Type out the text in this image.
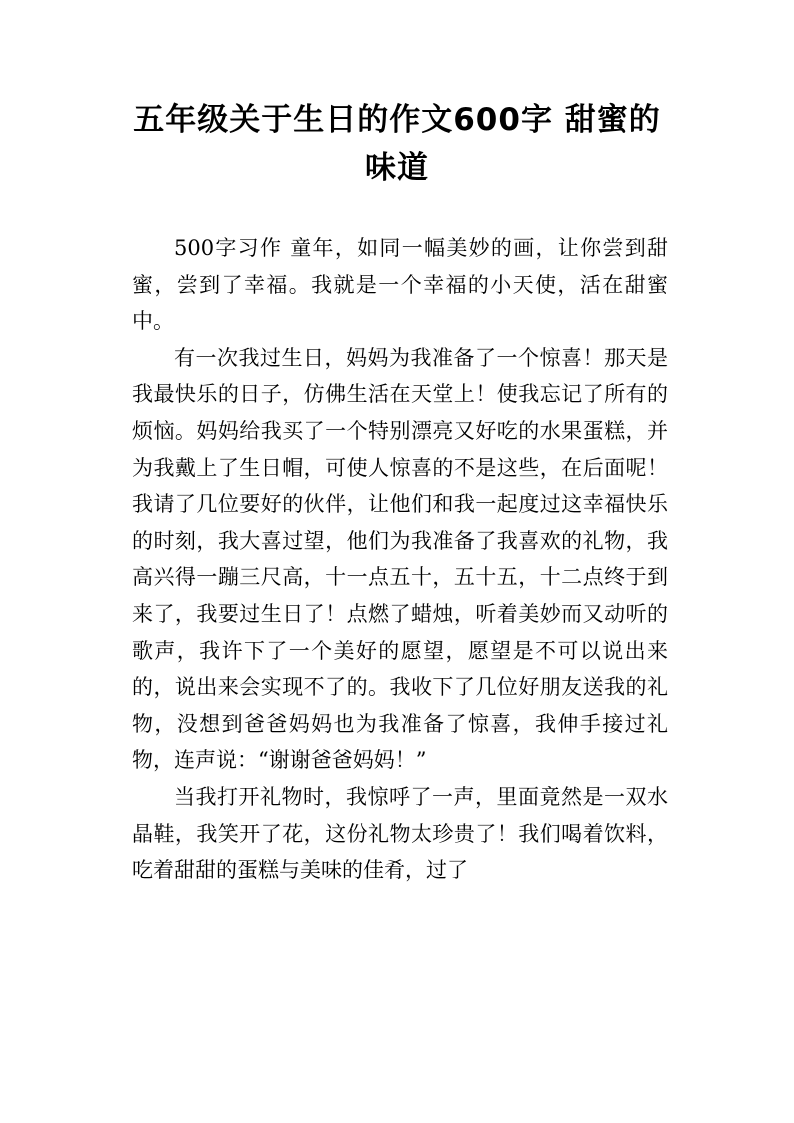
五年级关于生日的作文600字 甜蜜的味道

500字习作 童年，如同一幅美妙的画，让你尝到甜蜜，尝到了幸福。我就是一个幸福的小天使，活在甜蜜中。

有一次我过生日，妈妈为我准备了一个惊喜！那天是我最快乐的日子，仿佛生活在天堂上！使我忘记了所有的烦恼。妈妈给我买了一个特别漂亮又好吃的水果蛋糕，并为我戴上了生日帽，可使人惊喜的不是这些，在后面呢！我请了几位要好的伙伴，让他们和我一起度过这幸福快乐的时刻，我大喜过望，他们为我准备了我喜欢的礼物，我高兴得一蹦三尺高，十一点五十，五十五，十二点终于到来了，我要过生日了！点燃了蜡烛，听着美妙而又动听的歌声，我许下了一个美好的愿望，愿望是不可以说出来的，说出来会实现不了的。我收下了几位好朋友送我的礼物，没想到爸爸妈妈也为我准备了惊喜，我伸手接过礼物，连声说：“谢谢爸爸妈妈！”

当我打开礼物时，我惊呼了一声，里面竟然是一双水晶鞋，我笑开了花，这份礼物太珍贵了！我们喝着饮料，吃着甜甜的蛋糕与美味的佳肴，过了
